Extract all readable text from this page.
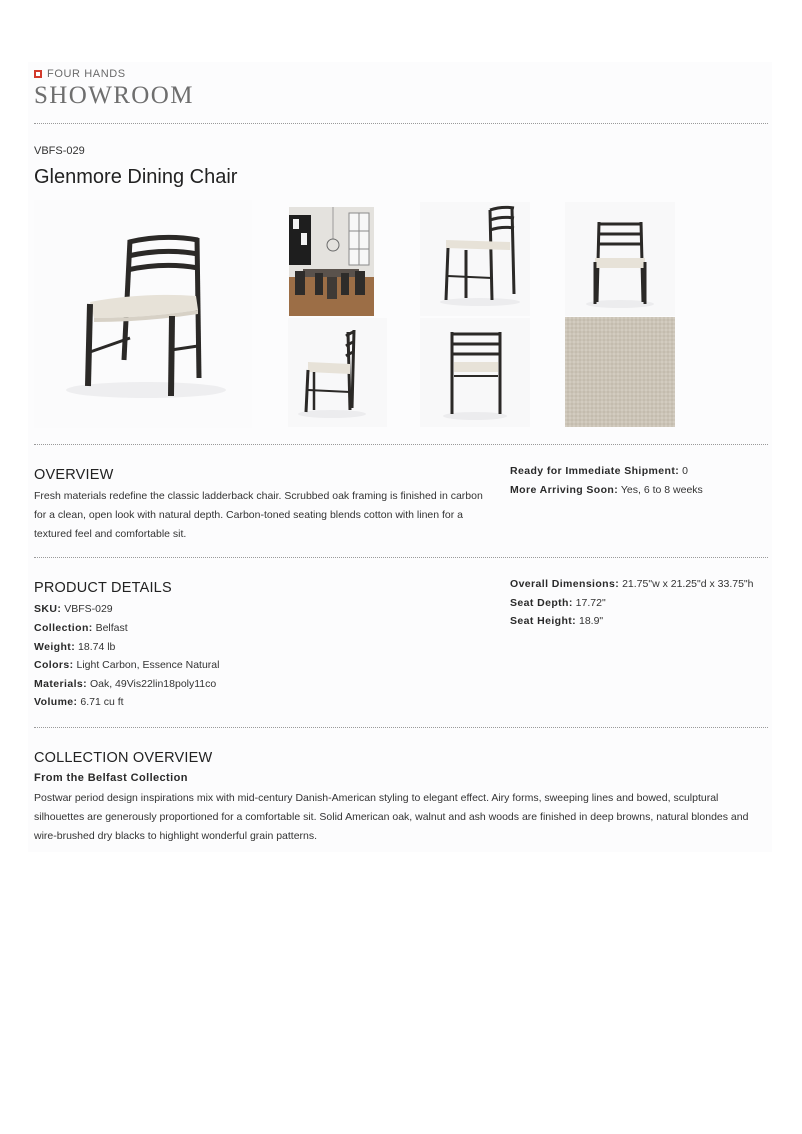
FOUR HANDS
SHOWROOM
VBFS-029
Glenmore Dining Chair
OVERVIEW
Fresh materials redefine the classic ladderback chair. Scrubbed oak framing is finished in carbon for a clean, open look with natural depth. Carbon-toned seating blends cotton with linen for a textured feel and comfortable sit.
Ready for Immediate Shipment: 0
More Arriving Soon: Yes, 6 to 8 weeks
PRODUCT DETAILS
SKU: VBFS-029
Collection: Belfast
Weight: 18.74 lb
Colors: Light Carbon, Essence Natural
Materials: Oak, 49Vis22lin18poly11co
Volume: 6.71 cu ft
Overall Dimensions: 21.75"w x 21.25"d x 33.75"h
Seat Depth: 17.72"
Seat Height: 18.9"
COLLECTION OVERVIEW
From the Belfast Collection
Postwar period design inspirations mix with mid-century Danish-American styling to elegant effect. Airy forms, sweeping lines and bowed, sculptural silhouettes are generously proportioned for a comfortable sit. Solid American oak, walnut and ash woods are finished in deep browns, natural blondes and wire-brushed dry blacks to highlight wonderful grain patterns.
